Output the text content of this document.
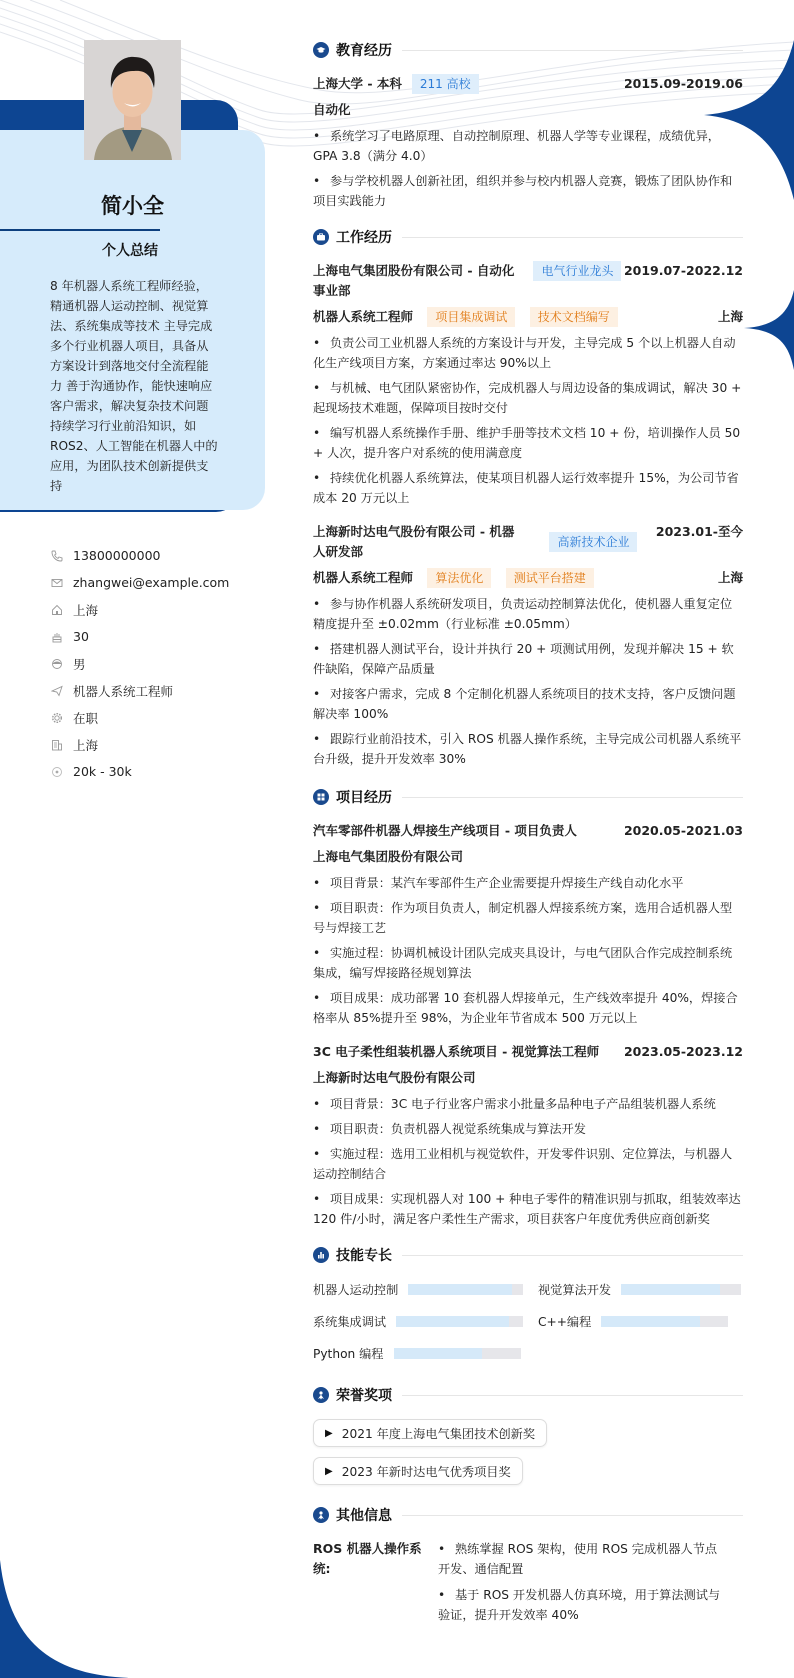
简小全
个人总结
8 年机器人系统工程师经验，精通机器人运动控制、视觉算法、系统集成等技术 主导完成多个行业机器人项目，具备从方案设计到落地交付全流程能力 善于沟通协作，能快速响应客户需求，解决复杂技术问题 持续学习行业前沿知识，如 ROS2、人工智能在机器人中的应用，为团队技术创新提供支持
13800000000
zhangwei@example.com
上海
30
男
机器人系统工程师
在职
上海
20k - 30k
教育经历
上海大学 - 本科	211 高校	2015.09-2019.06
自动化
• 系统学习了电路原理、自动控制原理、机器人学等专业课程，成绩优异，GPA 3.8（满分 4.0）
• 参与学校机器人创新社团，组织并参与校内机器人竞赛，锻炼了团队协作和项目实践能力
工作经历
上海电气集团股份有限公司 - 自动化事业部
电气行业龙头 2019.07-2022.12
机器人系统工程师 项目集成调试	技术文档编写	上海
• 负责公司工业机器人系统的方案设计与开发，主导完成 5 个以上机器人自动化生产线项目方案，方案通过率达 90%以上
• 与机械、电气团队紧密协作，完成机器人与周边设备的集成调试，解决 30 + 起现场技术难题，保障项目按时交付
• 编写机器人系统操作手册、维护手册等技术文档 10 + 份，培训操作人员 50 + 人次，提升客户对系统的使用满意度
• 持续优化机器人系统算法，使某项目机器人运行效率提升 15%，为公司节省成本 20 万元以上
上海新时达电气股份有限公司 - 机器人研发部
高新技术企业
2023.01-至今
机器人系统工程师 算法优化	测试平台搭建	上海
• 参与协作机器人系统研发项目，负责运动控制算法优化，使机器人重复定位精度提升至 ±0.02mm（行业标准 ±0.05mm）
• 搭建机器人测试平台，设计并执行 20 + 项测试用例，发现并解决 15 + 软件缺陷，保障产品质量
• 对接客户需求，完成 8 个定制化机器人系统项目的技术支持，客户反馈问题解决率 100%
• 跟踪行业前沿技术，引入 ROS 机器人操作系统，主导完成公司机器人系统平台升级，提升开发效率 30%
项目经历
汽车零部件机器人焊接生产线项目 - 项目负责人	2020.05-2021.03
上海电气集团股份有限公司
• 项目背景：某汽车零部件生产企业需要提升焊接生产线自动化水平
• 项目职责：作为项目负责人，制定机器人焊接系统方案，选用合适机器人型号与焊接工艺
• 实施过程：协调机械设计团队完成夹具设计，与电气团队合作完成控制系统集成，编写焊接路径规划算法
• 项目成果：成功部署 10 套机器人焊接单元，生产线效率提升 40%，焊接合格率从 85%提升至 98%，为企业年节省成本 500 万元以上
3C 电子柔性组装机器人系统项目 - 视觉算法工程师 2023.05-2023.12
上海新时达电气股份有限公司
• 项目背景：3C 电子行业客户需求小批量多品种电子产品组装机器人系统
• 项目职责：负责机器人视觉系统集成与算法开发
• 实施过程：选用工业相机与视觉软件，开发零件识别、定位算法，与机器人运动控制结合
• 项目成果：实现机器人对 100 + 种电子零件的精准识别与抓取，组装效率达 120 件/小时，满足客户柔性生产需求，项目获客户年度优秀供应商创新奖
技能专长
机器人运动控制	视觉算法开发
系统集成调试	C++编程
Python 编程
荣誉奖项
▶ 2021 年度上海电气集团技术创新奖
▶ 2023 年新时达电气优秀项目奖
其他信息
ROS 机器人操作系统:
• 熟练掌握 ROS 架构，使用 ROS 完成机器人节点开发、通信配置
• 基于 ROS 开发机器人仿真环境，用于算法测试与验证，提升开发效率 40%
